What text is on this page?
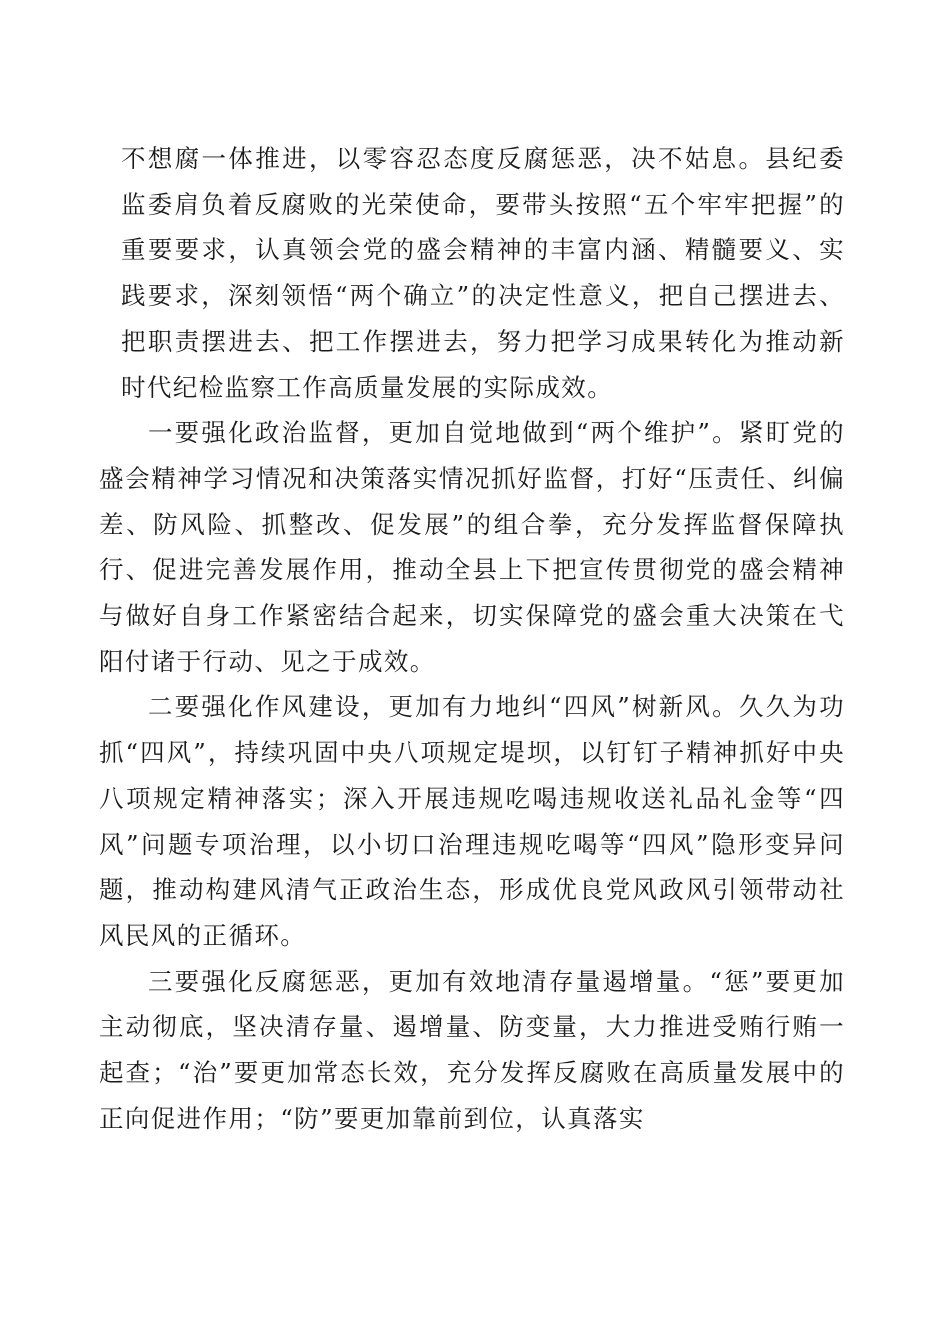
不想腐一体推进，以零容忍态度反腐惩恶，决不姑息。县纪委监委肩负着反腐败的光荣使命，要带头按照“五个牢牢把握”的重要要求，认真领会党的盛会精神的丰富内涵、精髓要义、实践要求，深刻领悟“两个确立”的决定性意义，把自己摆进去、把职责摆进去、把工作摆进去，努力把学习成果转化为推动新时代纪检监察工作高质量发展的实际成效。

一要强化政治监督，更加自觉地做到“两个维护”。紧盯党的盛会精神学习情况和决策落实情况抓好监督，打好“压责任、纠偏差、防风险、抓整改、促发展”的组合拳，充分发挥监督保障执行、促进完善发展作用，推动全县上下把宣传贯彻党的盛会精神与做好自身工作紧密结合起来，切实保障党的盛会重大决策在弋阳付诸于行动、见之于成效。

二要强化作风建设，更加有力地纠“四风”树新风。久久为功抓“四风”，持续巩固中央八项规定堤坝，以钉钉子精神抓好中央八项规定精神落实；深入开展违规吃喝违规收送礼品礼金等“四风”问题专项治理，以小切口治理违规吃喝等“四风”隐形变异问题，推动构建风清气正政治生态，形成优良党风政风引领带动社风民风的正循环。

三要强化反腐惩恶，更加有效地清存量遏增量。“惩”要更加主动彻底，坚决清存量、遏增量、防变量，大力推进受贿行贿一起查；“治”要更加常态长效，充分发挥反腐败在高质量发展中的正向促进作用；“防”要更加靠前到位，认真落实
